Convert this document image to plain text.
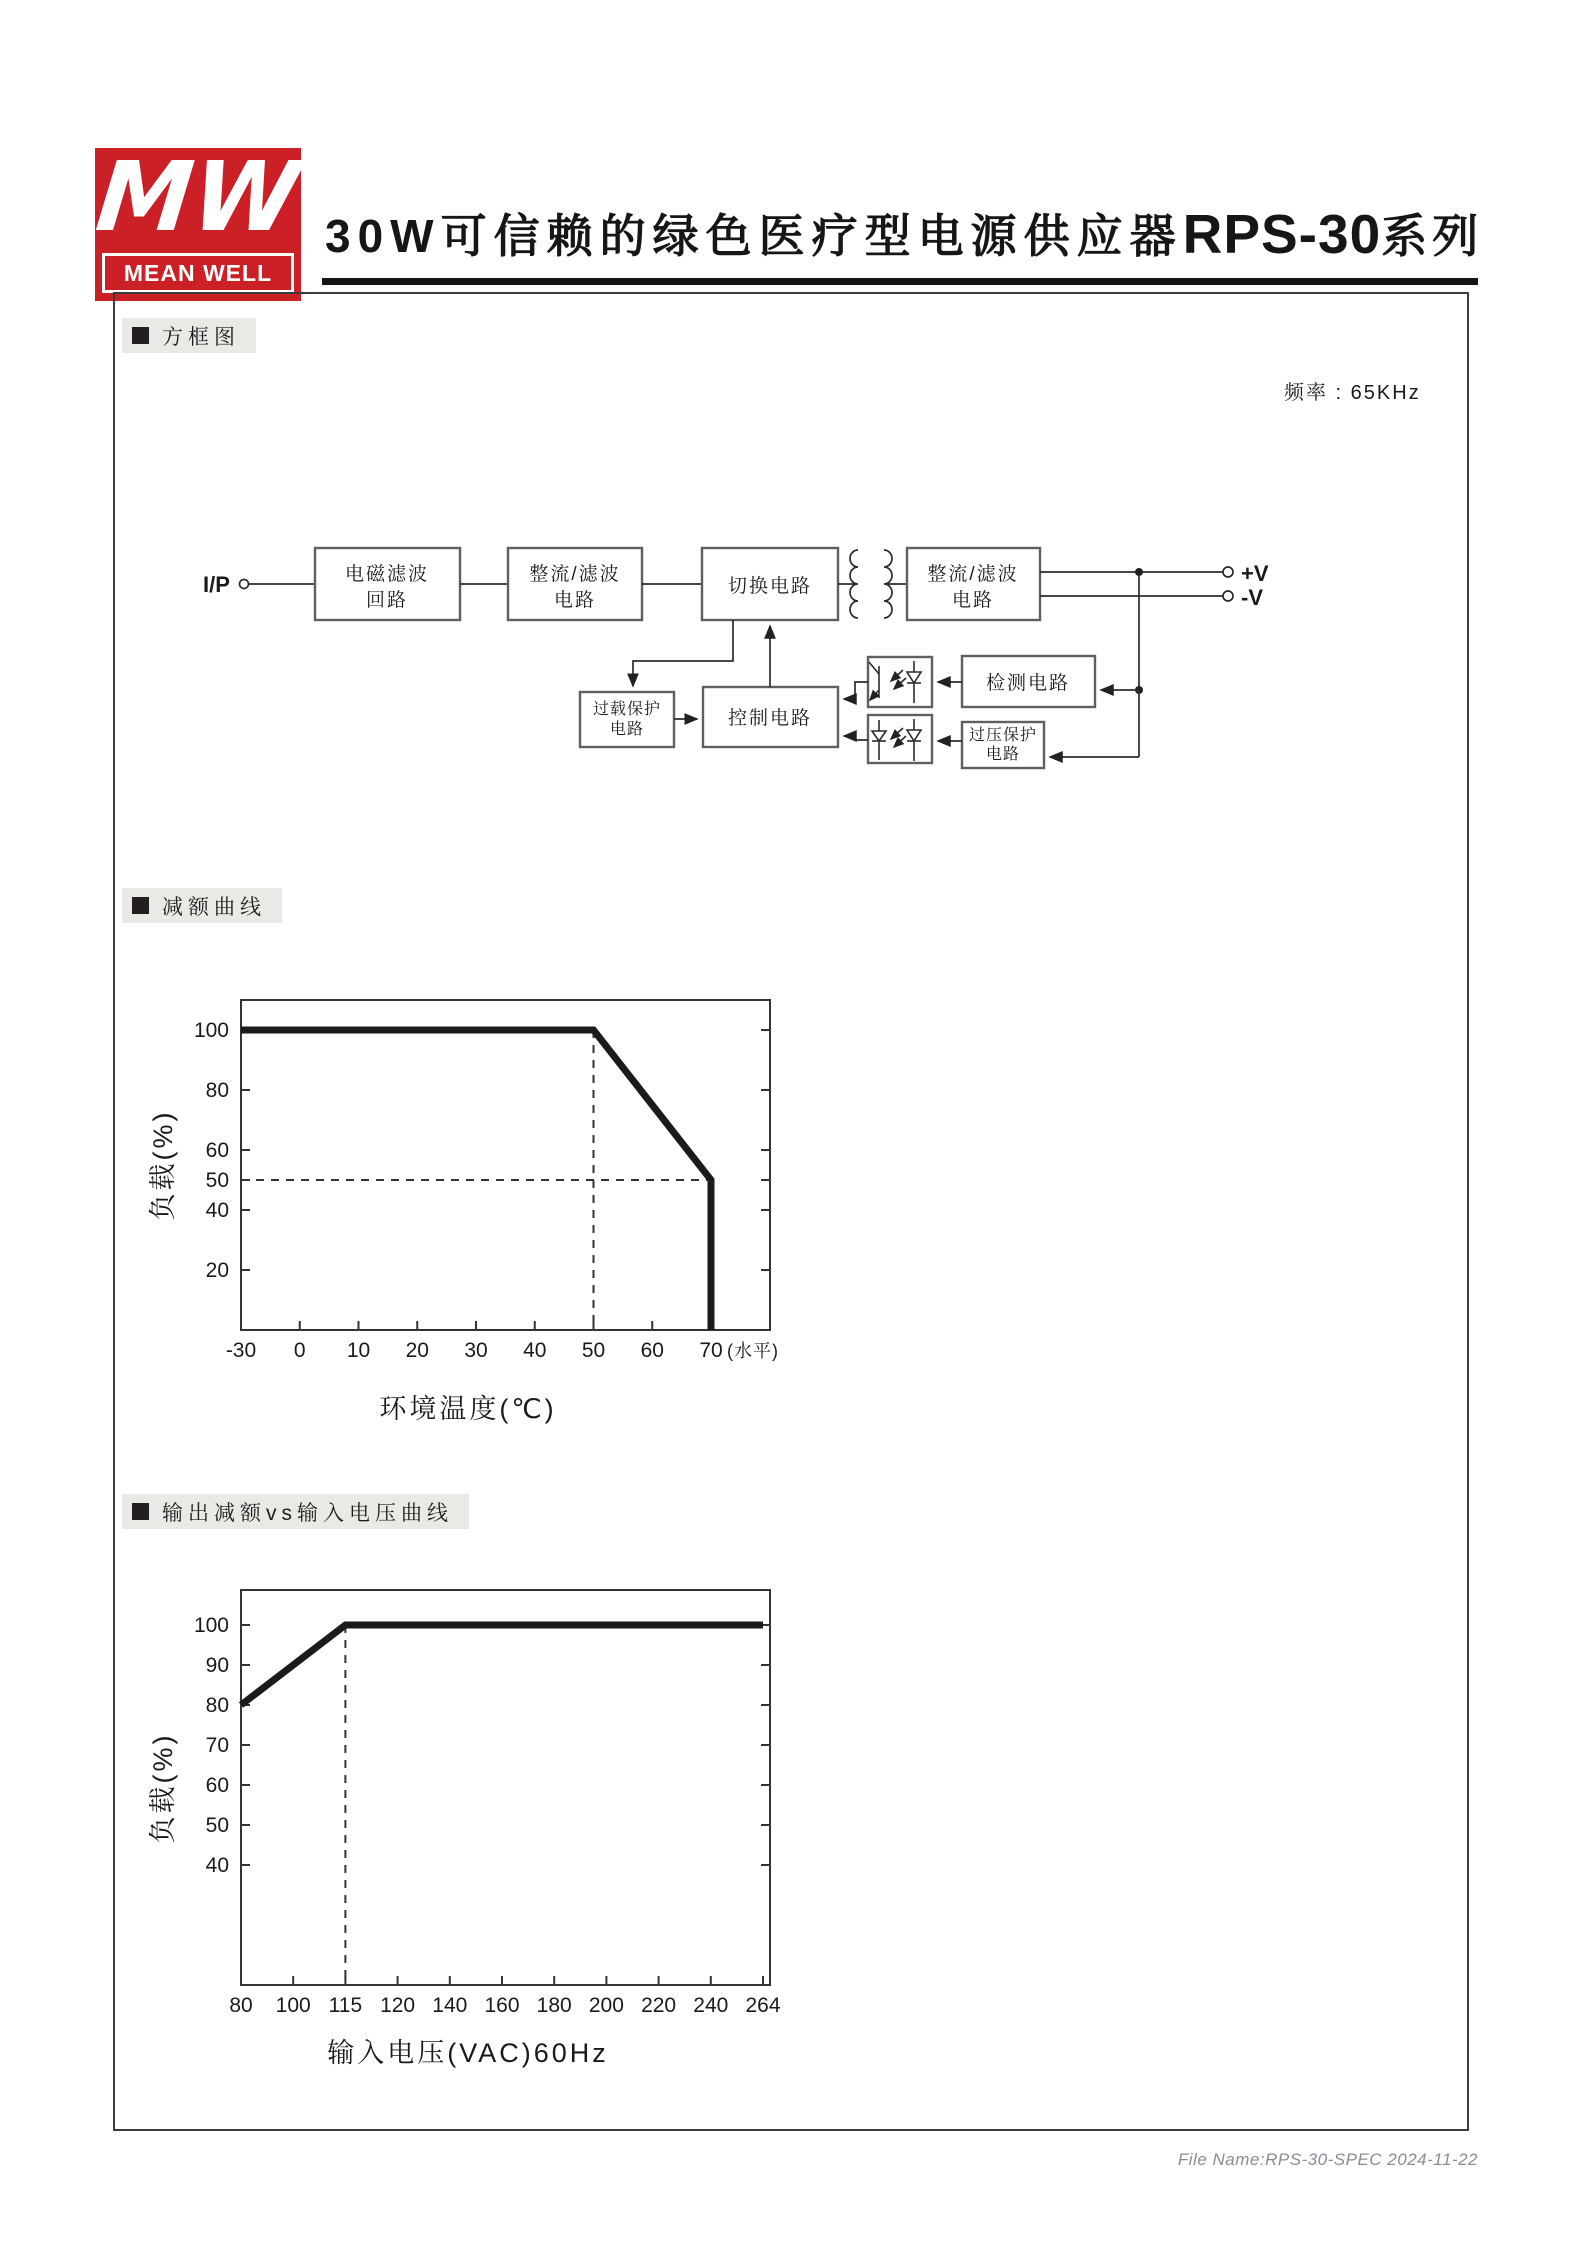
MW
MEAN WELL
30W可信赖的绿色医疗型电源供应器 RPS-30 系列
方框图
频率 : 65KHz
I/P	电磁滤波
回路
整流/滤波
电路
切换电路
整流/滤波
电路
+V
-V
检测电路
过压保护
电路
控制电路
过载保护
电路
减额曲线
-30 0 10 20 30 40 50 60 70 (水平)
20
40
50
60
80
100
环境温度(℃)
负载(%)
输出减额vs输入电压曲线
80 100 115 120 140 160 180 200 220 240 264
40
50
60
70
80
90
100
输入电压(VAC)60Hz
负载(%)
File Name:RPS-30-SPEC 2024-11-22
